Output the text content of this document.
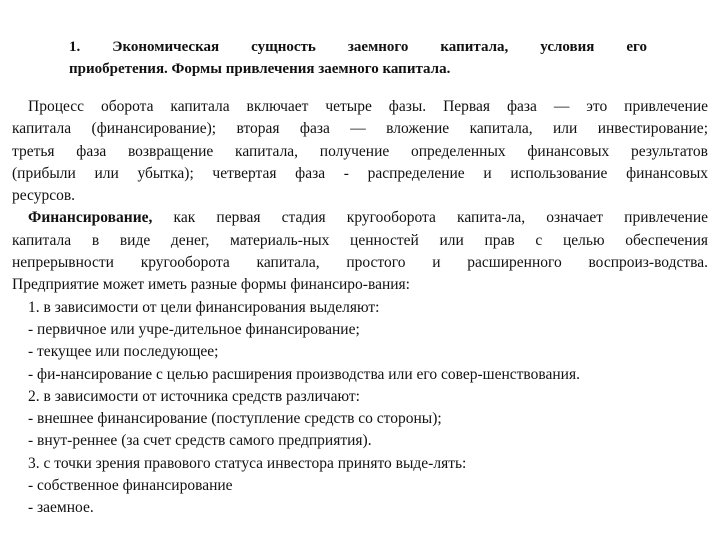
1. Экономическая сущность заемного капитала, условия его
приобретения. Формы привлечения заемного капитала.
Процесс оборота капитала включает четыре фазы. Первая фаза — это привлечение
капитала (финансирование); вторая фаза — вложение капитала, или инвестирование;
третья фаза возвращение капитала, получение определенных финансовых результатов
(прибыли или убытка); четвертая фаза - распределение и использование финансовых
ресурсов.
Финансирование, как первая стадия кругооборота капита-ла, означает привлечение
капитала в виде денег, материаль-ных ценностей или прав с целью обеспечения
непрерывности кругооборота капитала, простого и расширенного воспроиз-водства.
Предприятие может иметь разные формы финансиро-вания:
1. в зависимости от цели финансирования выделяют:
- первичное или учре-дительное финансирование;
- текущее или последующее;
- фи-нансирование с целью расширения производства или его совер-шенствования.
2. в зависимости от источника средств различают:
- внешнее финансирование (поступление средств со стороны);
- внут-реннее (за счет средств самого предприятия).
3. с точки зрения правового статуса инвестора принято выде-лять:
- собственное финансирование
- заемное.
